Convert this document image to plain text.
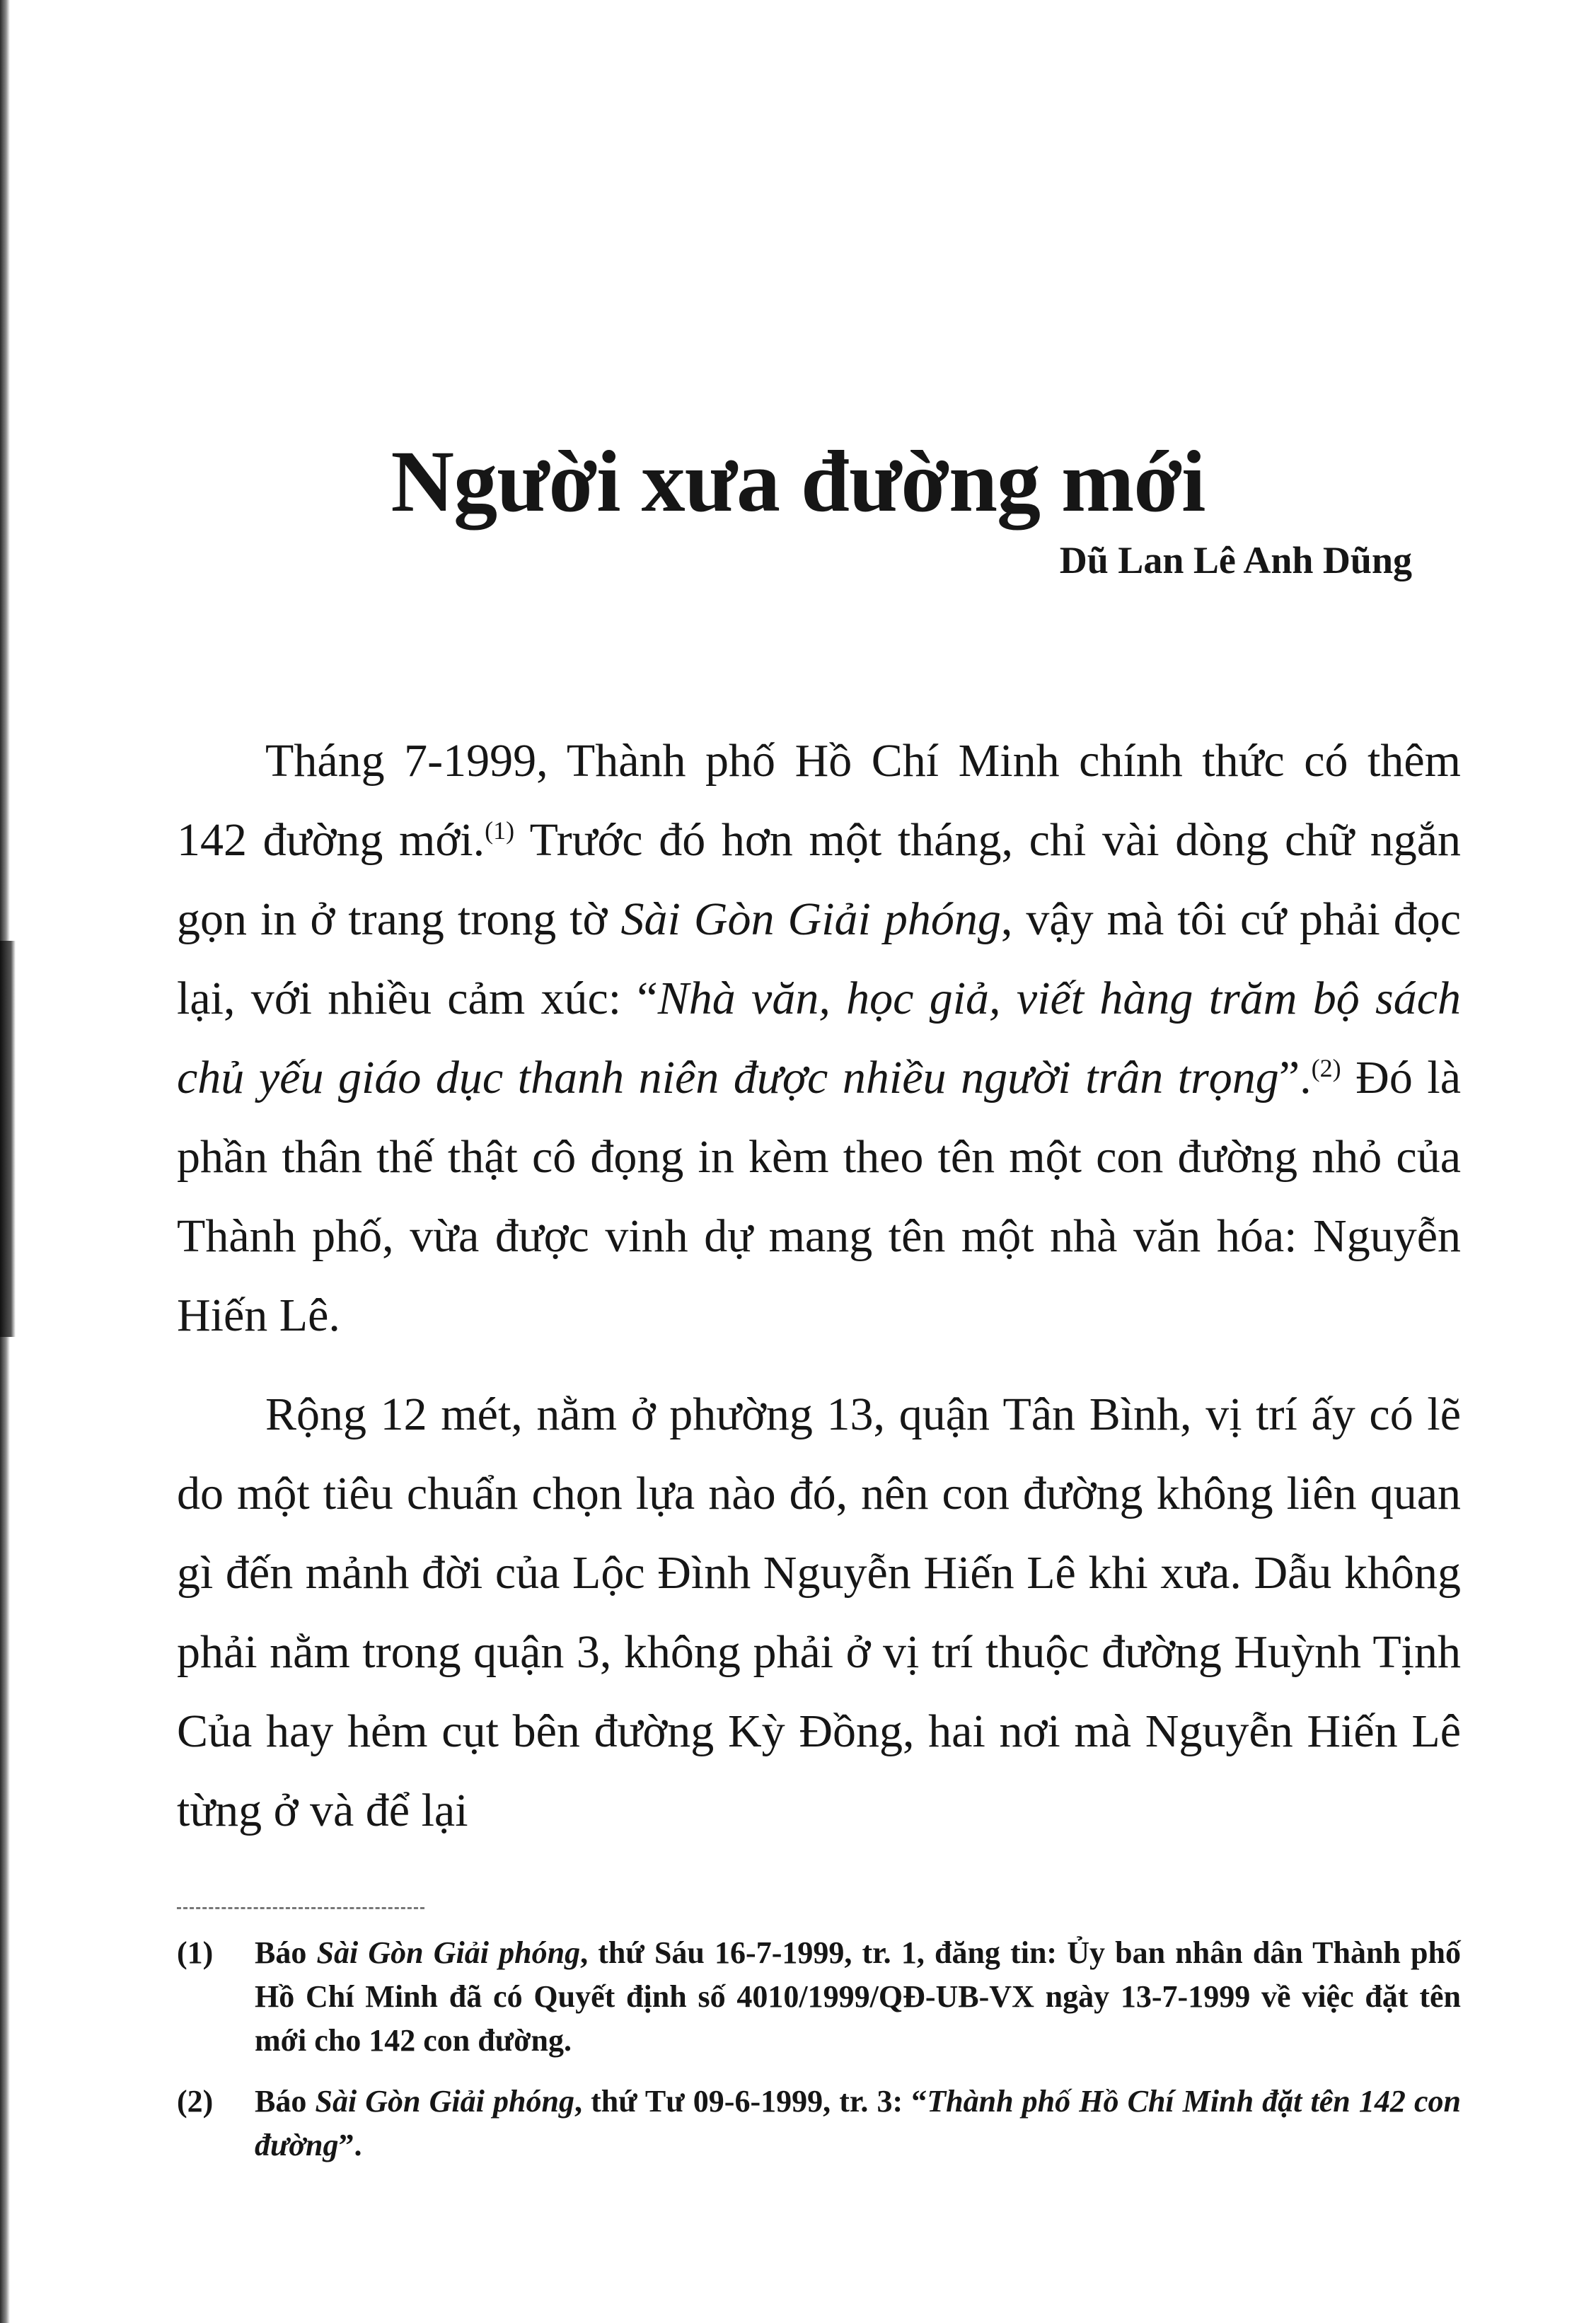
Người xưa đường mới
Dũ Lan Lê Anh Dũng

Tháng 7-1999, Thành phố Hồ Chí Minh chính thức có thêm 142 đường mới.$^{(1)}$ Trước đó hơn một tháng, chỉ vài dòng chữ ngắn gọn in ở trang trong tờ Sài Gòn Giải phóng, vậy mà tôi cứ phải đọc lại, với nhiều cảm xúc: “Nhà văn, học giả, viết hàng trăm bộ sách chủ yếu giáo dục thanh niên được nhiều người trân trọng”.$^{(2)}$ Đó là phần thân thế thật cô đọng in kèm theo tên một con đường nhỏ của Thành phố, vừa được vinh dự mang tên một nhà văn hóa: Nguyễn Hiến Lê.

Rộng 12 mét, nằm ở phường 13, quận Tân Bình, vị trí ấy có lẽ do một tiêu chuẩn chọn lựa nào đó, nên con đường không liên quan gì đến mảnh đời của Lộc Đình Nguyễn Hiến Lê khi xưa. Dẫu không phải nằm trong quận 3, không phải ở vị trí thuộc đường Huỳnh Tịnh Của hay hẻm cụt bên đường Kỳ Đồng, hai nơi mà Nguyễn Hiến Lê từng ở và để lại

(1)	Báo Sài Gòn Giải phóng, thứ Sáu 16-7-1999, tr. 1, đăng tin: Ủy ban nhân dân Thành phố Hồ Chí Minh đã có Quyết định số 4010/1999/QĐ-UB-VX ngày 13-7-1999 về việc đặt tên mới cho 142 con đường.
(2)	Báo Sài Gòn Giải phóng, thứ Tư 09-6-1999, tr. 3: “Thành phố Hồ Chí Minh đặt tên 142 con đường”.
